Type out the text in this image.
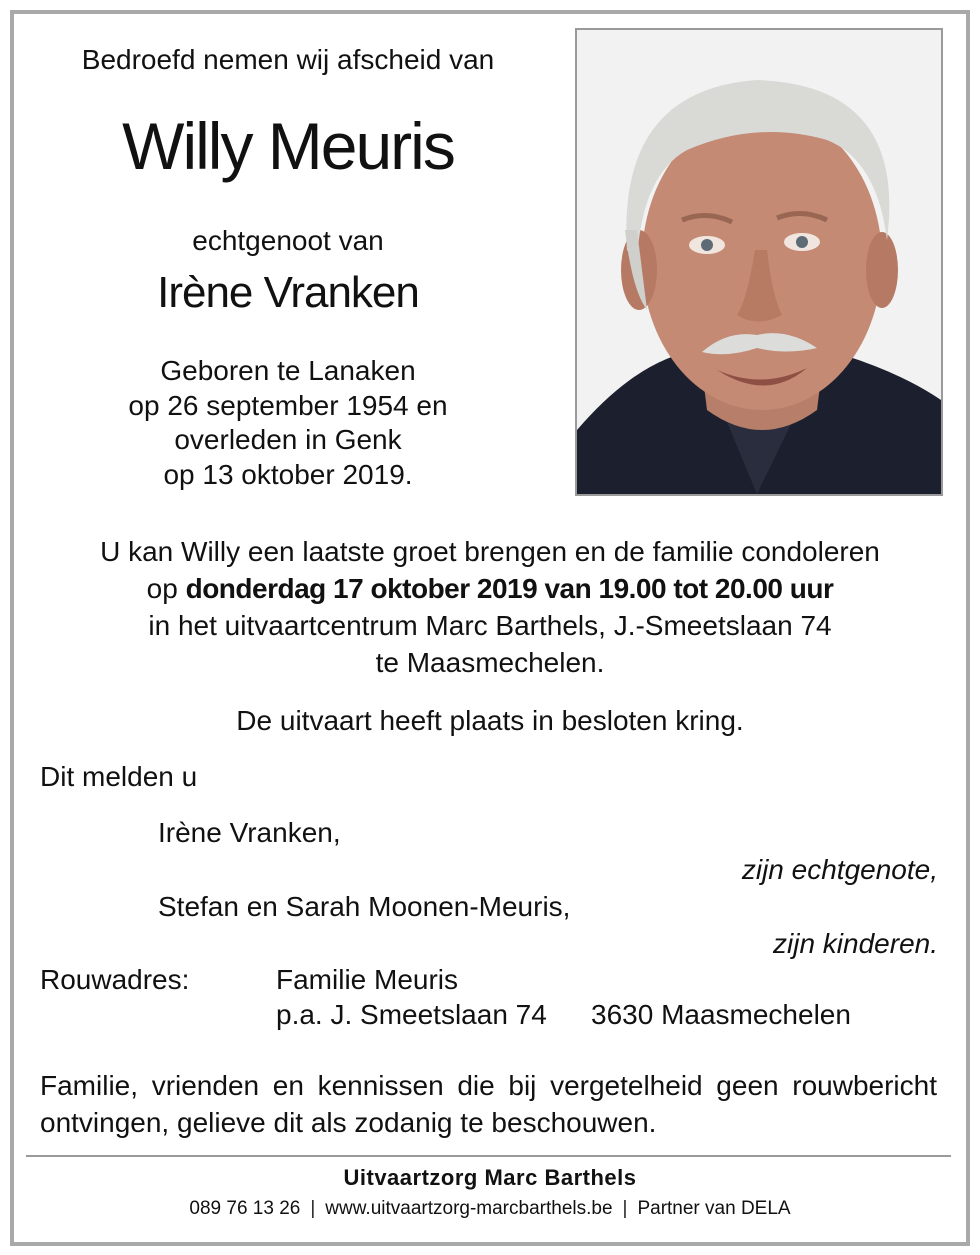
Bedroefd nemen wij afscheid van
Willy Meuris
echtgenoot van
Irène Vranken
Geboren te Lanaken
op 26 september 1954 en
overleden in Genk
op 13 oktober 2019.
U kan Willy een laatste groet brengen en de familie condoleren
op donderdag 17 oktober 2019 van 19.00 tot 20.00 uur
in het uitvaartcentrum Marc Barthels, J.-Smeetslaan 74
te Maasmechelen.
De uitvaart heeft plaats in besloten kring.
Dit melden u
Irène Vranken,
zijn echtgenote,
Stefan en Sarah Moonen-Meuris,
zijn kinderen.
Rouwadres:	Familie Meuris
p.a. J. Smeetslaan 74 3630 Maasmechelen
Familie, vrienden en kennissen die bij vergetelheid geen rouwbericht ontvingen, gelieve dit als zodanig te beschouwen.
Uitvaartzorg Marc Barthels
089 76 13 26 | www.uitvaartzorg-marcbarthels.be | Partner van DELA
